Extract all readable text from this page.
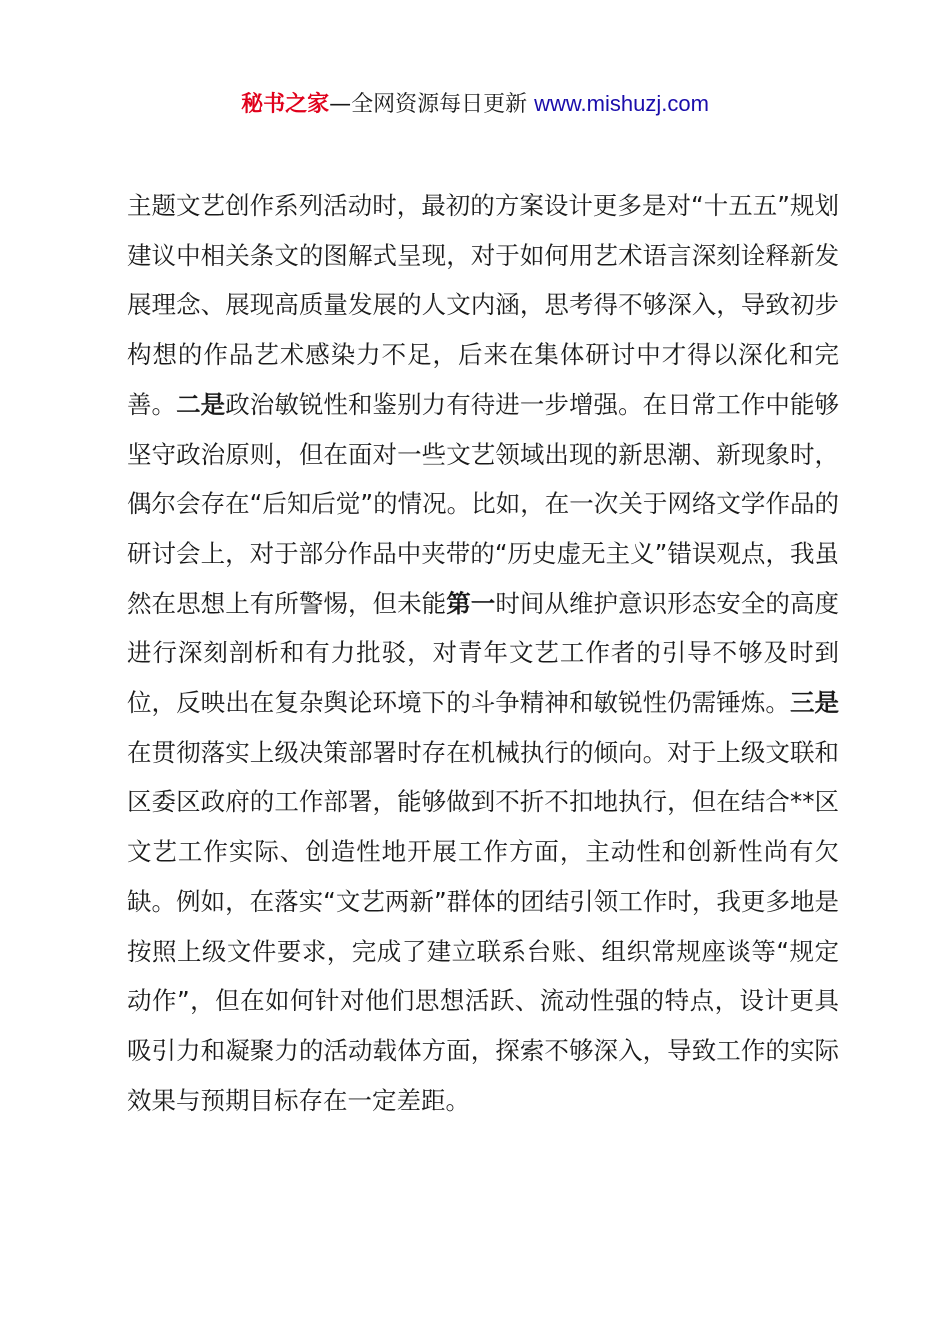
秘书之家—全网资源每日更新 www.mishuzj.com

主题文艺创作系列活动时，最初的方案设计更多是对“十五五”规划建议中相关条文的图解式呈现，对于如何用艺术语言深刻诠释新发展理念、展现高质量发展的人文内涵，思考得不够深入，导致初步构想的作品艺术感染力不足，后来在集体研讨中才得以深化和完善。二是政治敏锐性和鉴别力有待进一步增强。在日常工作中能够坚守政治原则，但在面对一些文艺领域出现的新思潮、新现象时，偶尔会存在“后知后觉”的情况。比如，在一次关于网络文学作品的研讨会上，对于部分作品中夹带的“历史虚无主义”错误观点，我虽然在思想上有所警惕，但未能第一时间从维护意识形态安全的高度进行深刻剖析和有力批驳，对青年文艺工作者的引导不够及时到位，反映出在复杂舆论环境下的斗争精神和敏锐性仍需锤炼。三是在贯彻落实上级决策部署时存在机械执行的倾向。对于上级文联和区委区政府的工作部署，能够做到不折不扣地执行，但在结合**区文艺工作实际、创造性地开展工作方面，主动性和创新性尚有欠缺。例如，在落实“文艺两新”群体的团结引领工作时，我更多地是按照上级文件要求，完成了建立联系台账、组织常规座谈等“规定动作”，但在如何针对他们思想活跃、流动性强的特点，设计更具吸引力和凝聚力的活动载体方面，探索不够深入，导致工作的实际效果与预期目标存在一定差距。
